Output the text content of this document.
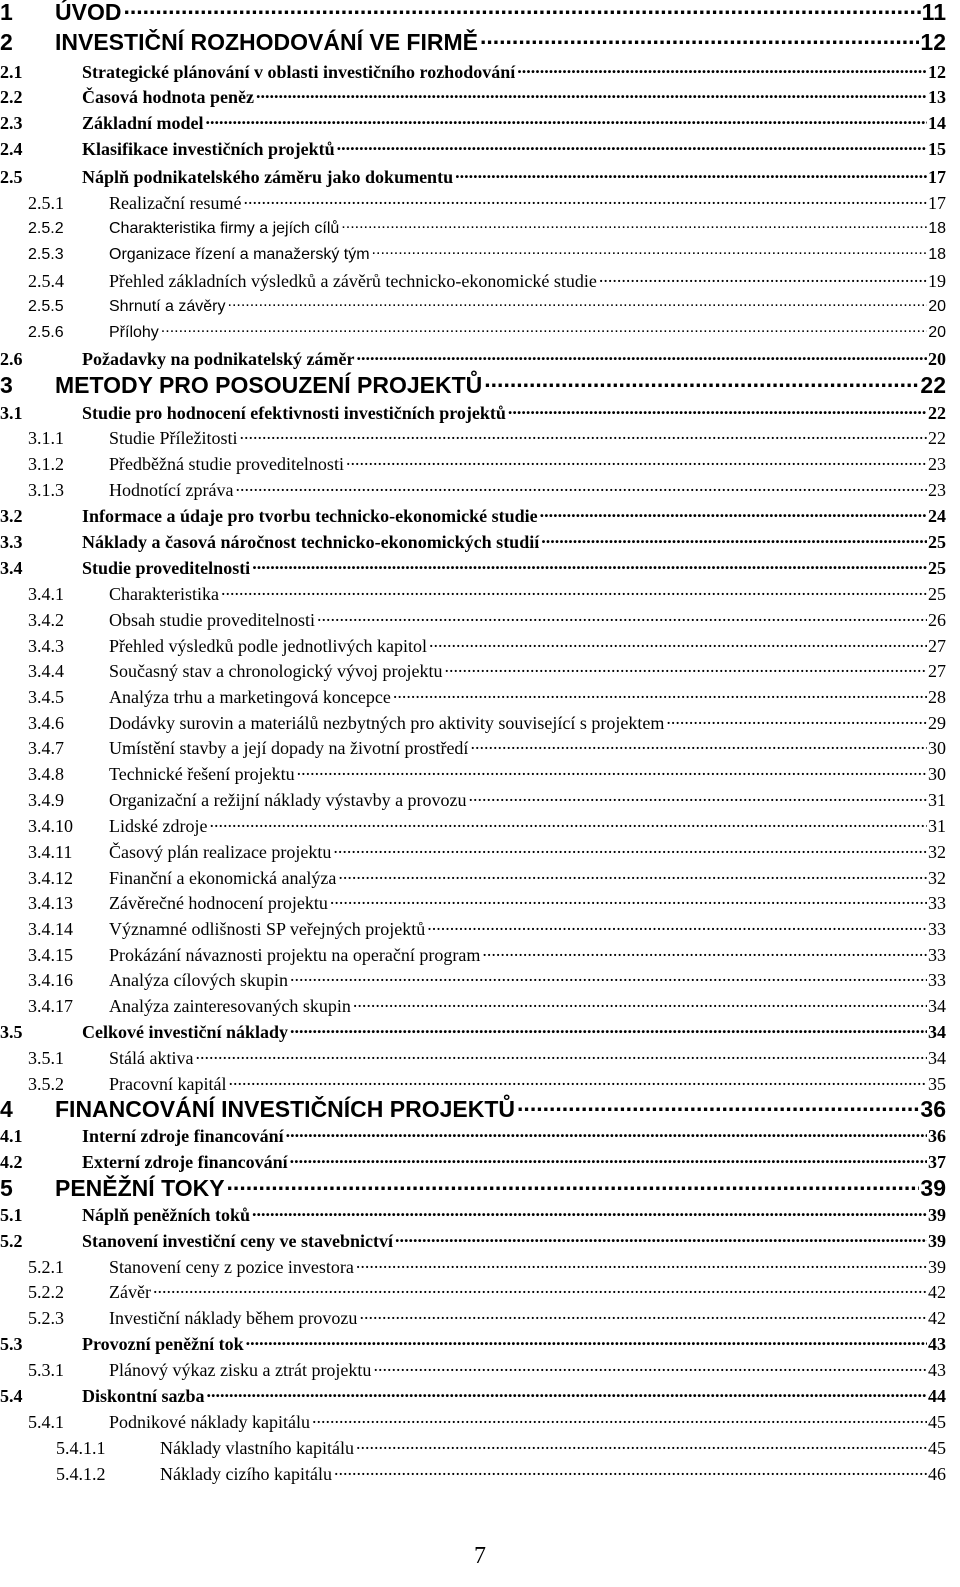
1	ÚVOD .....	11
2	INVESTIČNÍ ROZHODOVÁNÍ VE FIRMĚ .....	12
2.1	Strategické plánování v oblasti investičního rozhodování .....	12
2.2	Časová hodnota peněz .....	13
2.3	Základní model .....	14
2.4	Klasifikace investičních projektů .....	15
2.5	Náplň podnikatelského záměru jako dokumentu .....	17
2.5.1	Realizační resumé .....	17
2.5.2	Charakteristika firmy a jejích cílů .....	18
2.5.3	Organizace řízení a manažerský tým .....	18
2.5.4	Přehled základních výsledků a závěrů technicko-ekonomické studie .....	19
2.5.5	Shrnutí a závěry .....	20
2.5.6	Přílohy .....	20
2.6	Požadavky na podnikatelský záměr .....	20
3	METODY PRO POSOUZENÍ PROJEKTŮ .....	22
3.1	Studie pro hodnocení efektivnosti investičních projektů .....	22
3.1.1	Studie Příležitosti .....	22
3.1.2	Předběžná studie proveditelnosti .....	23
3.1.3	Hodnotící zpráva .....	23
3.2	Informace a údaje pro tvorbu technicko-ekonomické studie .....	24
3.3	Náklady a časová náročnost technicko-ekonomických studií .....	25
3.4	Studie proveditelnosti .....	25
3.4.1	Charakteristika .....	25
3.4.2	Obsah studie proveditelnosti .....	26
3.4.3	Přehled výsledků podle jednotlivých kapitol .....	27
3.4.4	Současný stav a chronologický vývoj projektu .....	27
3.4.5	Analýza trhu a marketingová koncepce .....	28
3.4.6	Dodávky surovin a materiálů nezbytných pro aktivity související s projektem .....	29
3.4.7	Umístění stavby a její dopady na životní prostředí .....	30
3.4.8	Technické řešení projektu .....	30
3.4.9	Organizační a režijní náklady výstavby a provozu .....	31
3.4.10	Lidské zdroje .....	31
3.4.11	Časový plán realizace projektu .....	32
3.4.12	Finanční a ekonomická analýza .....	32
3.4.13	Závěrečné hodnocení projektu .....	33
3.4.14	Významné odlišnosti SP veřejných projektů .....	33
3.4.15	Prokázání návaznosti projektu na operační program .....	33
3.4.16	Analýza cílových skupin .....	33
3.4.17	Analýza zainteresovaných skupin .....	34
3.5	Celkové investiční náklady .....	34
3.5.1	Stálá aktiva .....	34
3.5.2	Pracovní kapitál .....	35
4	FINANCOVÁNÍ INVESTIČNÍCH PROJEKTŮ .....	36
4.1	Interní zdroje financování .....	36
4.2	Externí zdroje financování .....	37
5	PENĚŽNÍ TOKY .....	39
5.1	Náplň peněžních toků .....	39
5.2	Stanovení investiční ceny ve stavebnictví .....	39
5.2.1	Stanovení ceny z pozice investora .....	39
5.2.2	Závěr .....	42
5.2.3	Investiční náklady během provozu .....	42
5.3	Provozní peněžní tok .....	43
5.3.1	Plánový výkaz zisku a ztrát projektu .....	43
5.4	Diskontní sazba .....	44
5.4.1	Podnikové náklady kapitálu .....	45
5.4.1.1	Náklady vlastního kapitálu .....	45
5.4.1.2	Náklady cizího kapitálu .....	46
7
